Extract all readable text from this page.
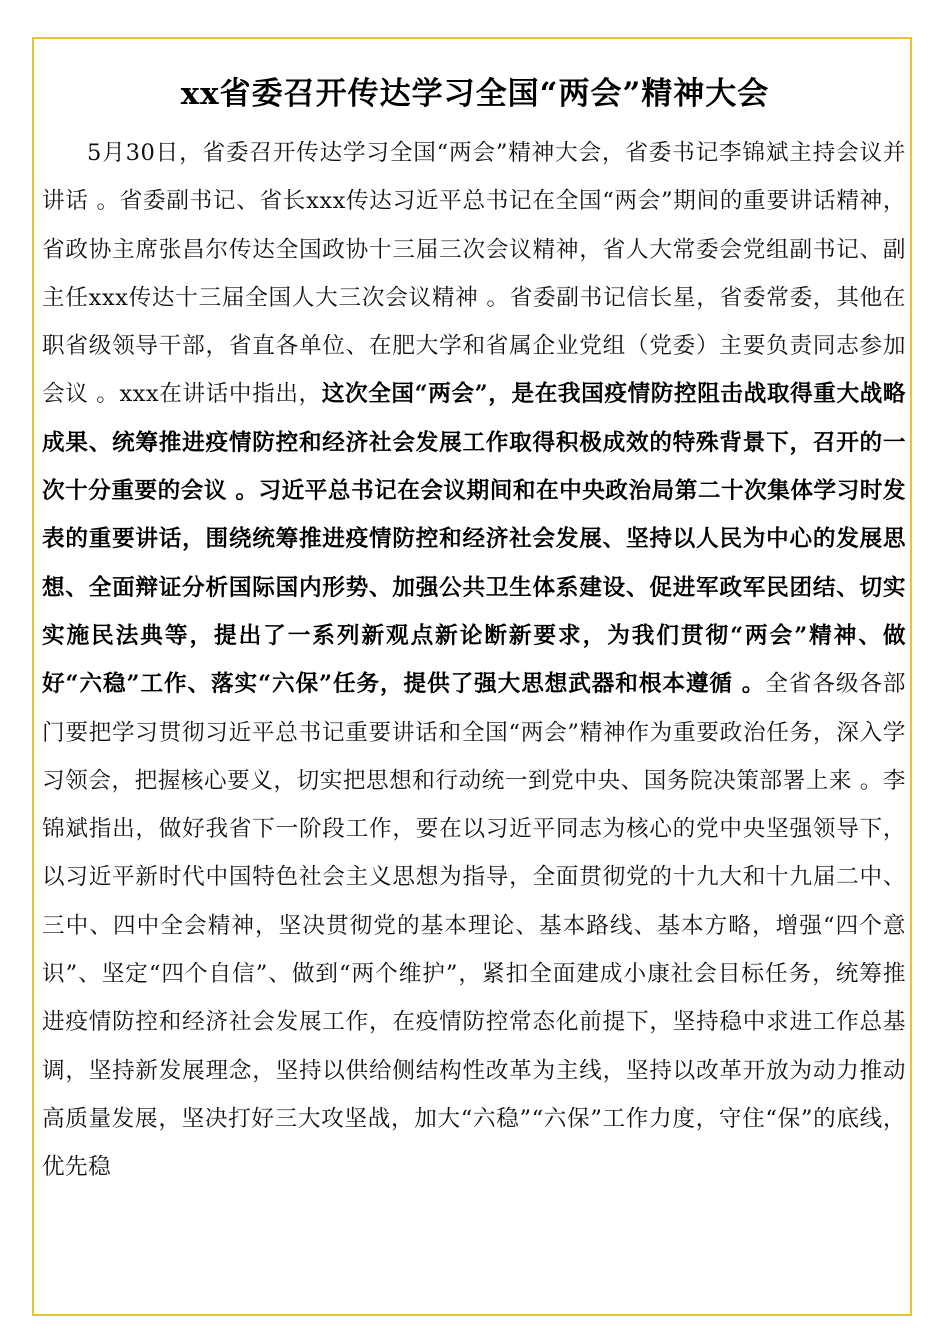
xx省委召开传达学习全国“两会”精神大会

5月30日，省委召开传达学习全国“两会”精神大会，省委书记李锦斌主持会议并讲话 。省委副书记、省长xxx传达习近平总书记在全国“两会”期间的重要讲话精神，省政协主席张昌尔传达全国政协十三届三次会议精神，省人大常委会党组副书记、副主任xxx传达十三届全国人大三次会议精神 。省委副书记信长星，省委常委，其他在职省级领导干部，省直各单位、在肥大学和省属企业党组（党委）主要负责同志参加会议 。xxx在讲话中指出，这次全国“两会”，是在我国疫情防控阻击战取得重大战略成果、统筹推进疫情防控和经济社会发展工作取得积极成效的特殊背景下，召开的一次十分重要的会议 。习近平总书记在会议期间和在中央政治局第二十次集体学习时发表的重要讲话，围绕统筹推进疫情防控和经济社会发展、坚持以人民为中心的发展思想、全面辩证分析国际国内形势、加强公共卫生体系建设、促进军政军民团结、切实实施民法典等，提出了一系列新观点新论断新要求，为我们贯彻“两会”精神、做好“六稳”工作、落实“六保”任务，提供了强大思想武器和根本遵循 。全省各级各部门要把学习贯彻习近平总书记重要讲话和全国“两会”精神作为重要政治任务，深入学习领会，把握核心要义，切实把思想和行动统一到党中央、国务院决策部署上来 。李锦斌指出，做好我省下一阶段工作，要在以习近平同志为核心的党中央坚强领导下，以习近平新时代中国特色社会主义思想为指导，全面贯彻党的十九大和十九届二中、三中、四中全会精神，坚决贯彻党的基本理论、基本路线、基本方略，增强“四个意识”、坚定“四个自信”、做到“两个维护”，紧扣全面建成小康社会目标任务，统筹推进疫情防控和经济社会发展工作，在疫情防控常态化前提下，坚持稳中求进工作总基调，坚持新发展理念，坚持以供给侧结构性改革为主线，坚持以改革开放为动力推动高质量发展，坚决打好三大攻坚战，加大“六稳”“六保”工作力度，守住“保”的底线，优先稳
